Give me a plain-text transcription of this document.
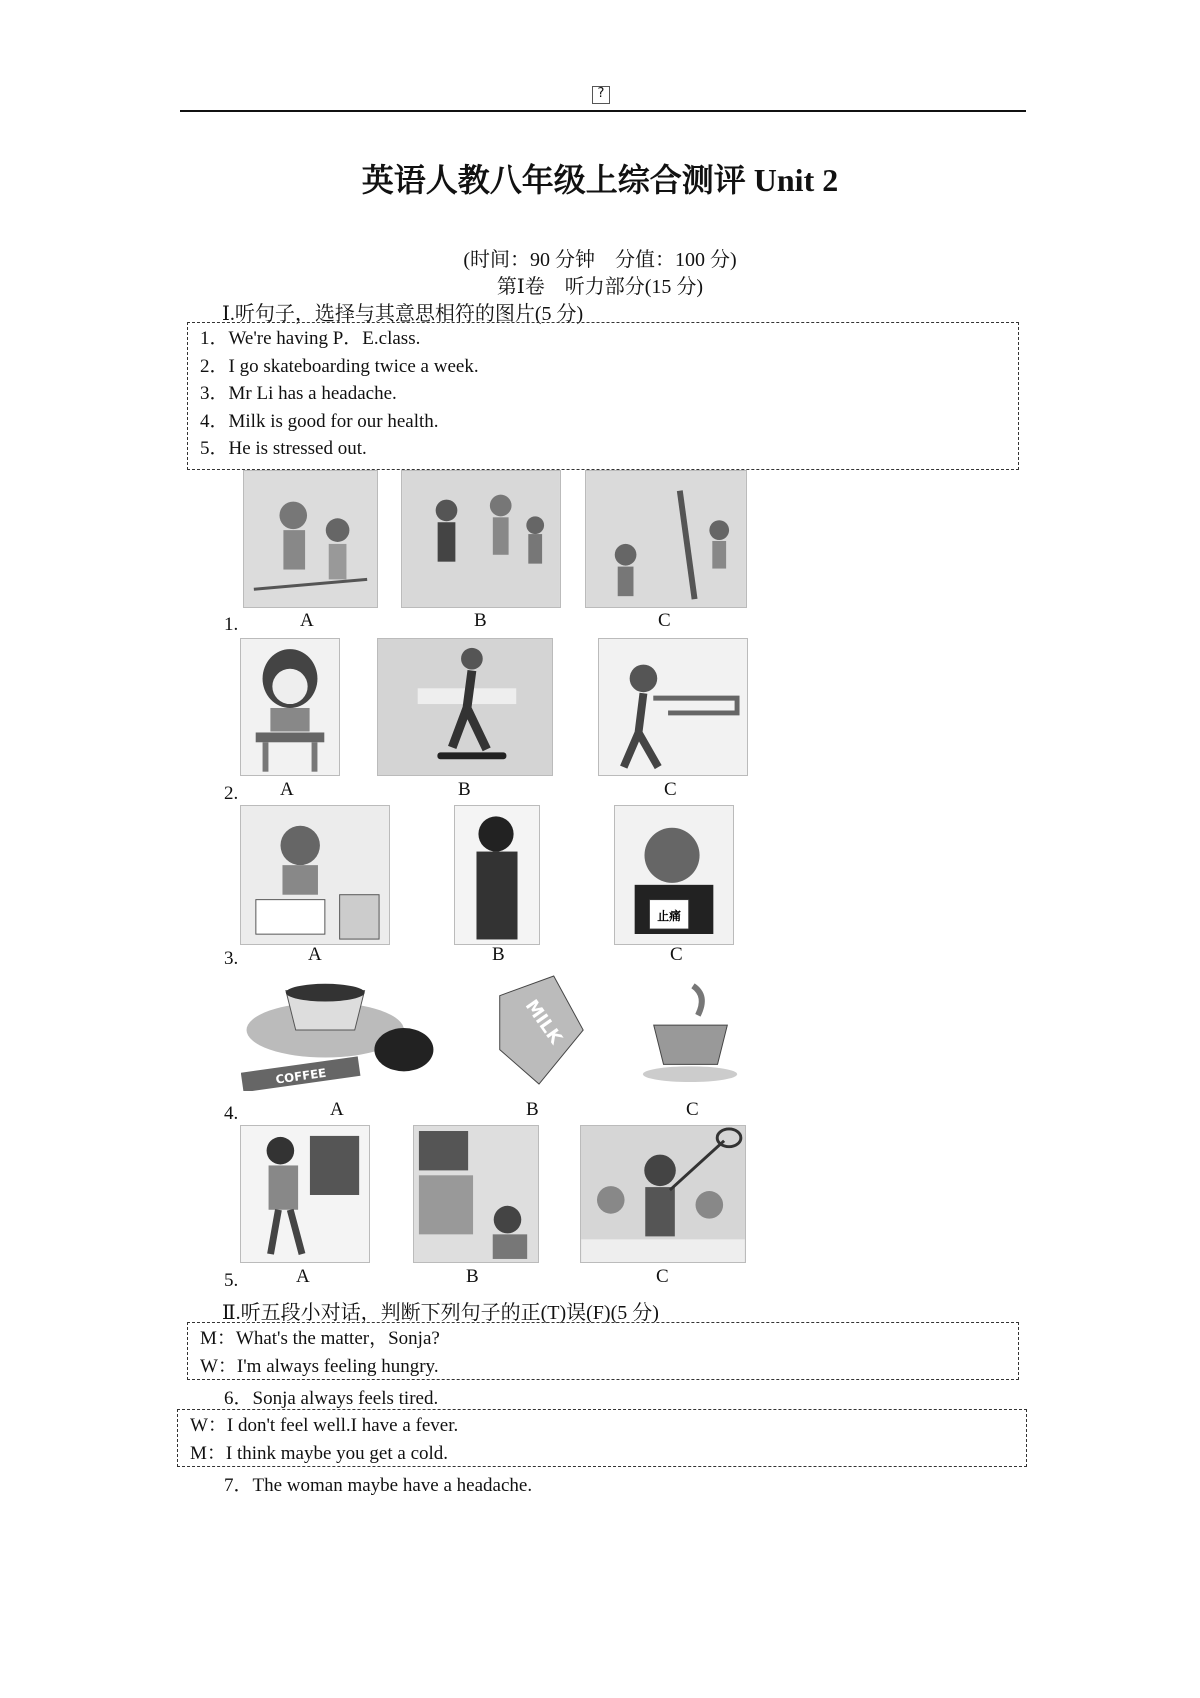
?
英语人教八年级上综合测评 Unit 2
(时间：90 分钟　分值：100 分)
第Ⅰ卷　听力部分(15 分)
Ⅰ.听句子，选择与其意思相符的图片(5 分)
1．We're having P．E.class.
2．I go skateboarding twice a week.
3．Mr Li has a headache.
4．Milk is good for our health.
5．He is stressed out.
1.	A	B	C
2. A	B	C
止痛
3.	A	B	C
COFFEE
MILK
4.	A	B	C
5.	A	B	C
Ⅱ.听五段小对话，判断下列句子的正(T)误(F)(5 分)
M：What's the matter，Sonja?
W：I'm always feeling hungry.
6．Sonja always feels tired.
W：I don't feel well.I have a fever.
M：I think maybe you get a cold.
7．The woman maybe have a headache.
